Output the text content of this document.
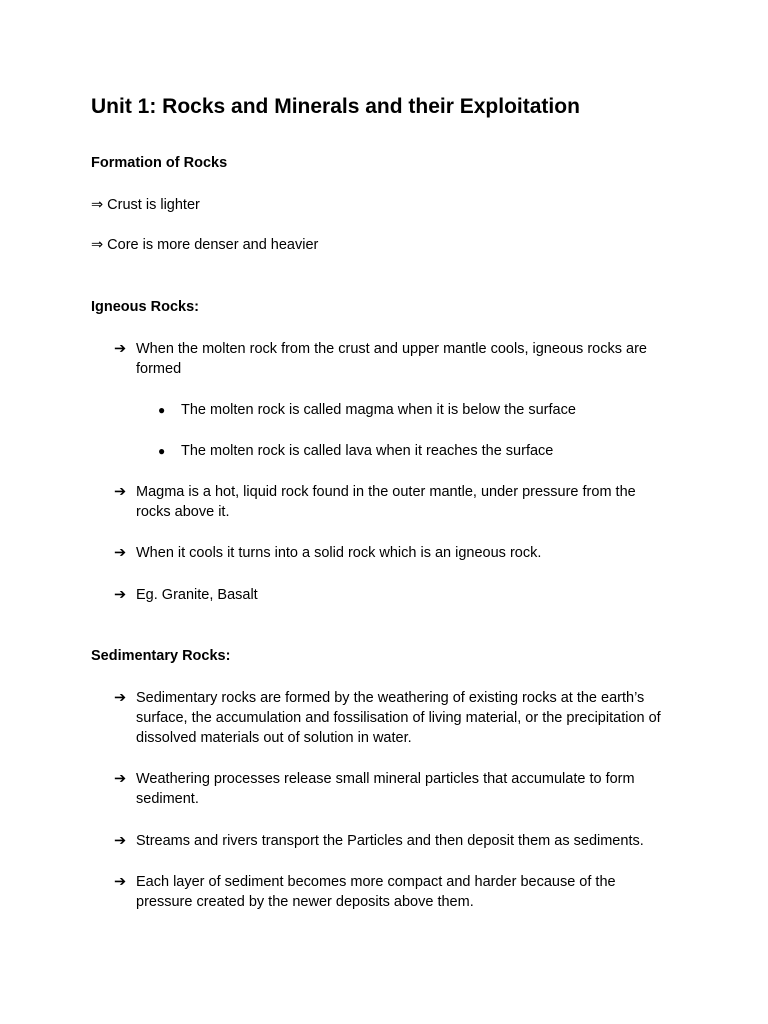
Unit 1: Rocks and Minerals and their Exploitation
Formation of Rocks
⇒ Crust is lighter
⇒ Core is more denser and heavier
Igneous Rocks:
➔ When the molten rock from the crust and upper mantle cools, igneous rocks are formed
●	The molten rock is called magma when it is below the surface
●	The molten rock is called lava when it reaches the surface
➔ Magma is a hot, liquid rock found in the outer mantle, under pressure from the rocks above it.
➔ When it cools it turns into a solid rock which is an igneous rock.
➔ Eg. Granite, Basalt
Sedimentary Rocks:
➔ Sedimentary rocks are formed by the weathering of existing rocks at the earth’s surface, the accumulation and fossilisation of living material, or the precipitation of dissolved materials out of solution in water.
➔ Weathering processes release small mineral particles that accumulate to form sediment.
➔ Streams and rivers transport the Particles and then deposit them as sediments.
➔ Each layer of sediment becomes more compact and harder because of the pressure created by the newer deposits above them.
